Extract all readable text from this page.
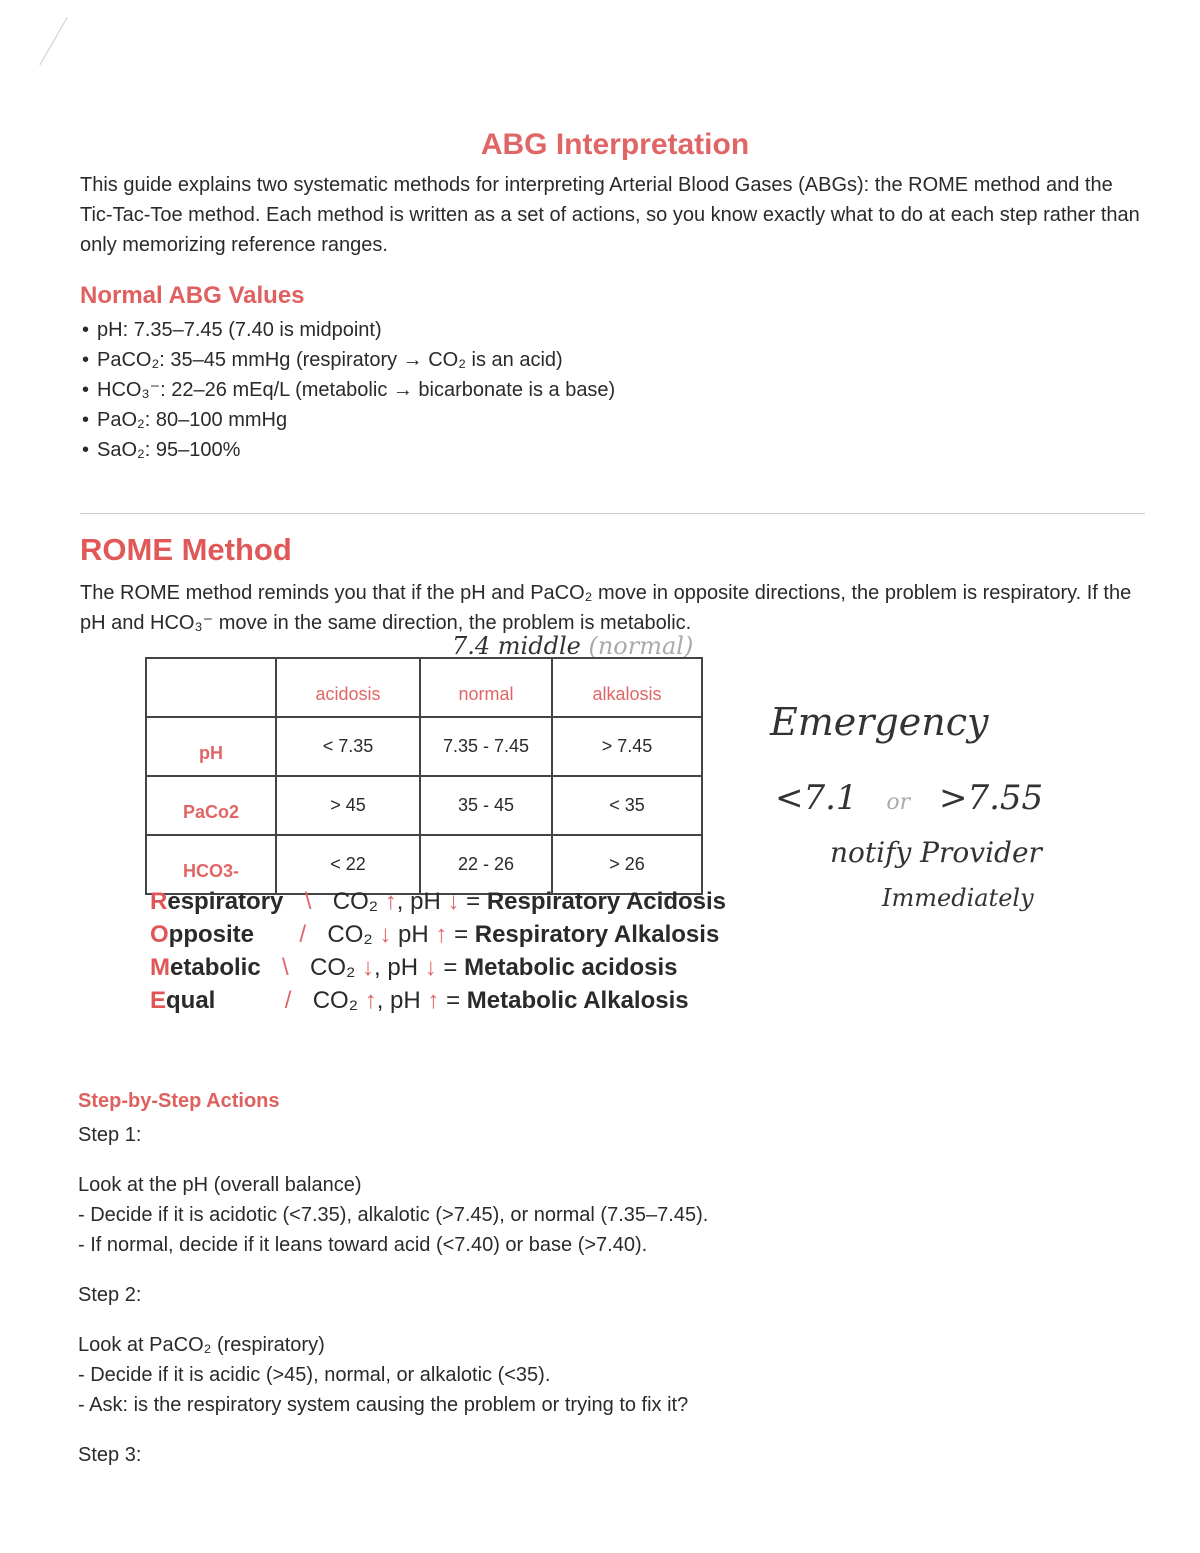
ABG Interpretation
This guide explains two systematic methods for interpreting Arterial Blood Gases (ABGs): the ROME method and the Tic-Tac-Toe method. Each method is written as a set of actions, so you know exactly what to do at each step rather than only memorizing reference ranges.
Normal ABG Values
• pH: 7.35–7.45 (7.40 is midpoint)
• PaCO₂: 35–45 mmHg (respiratory → CO₂ is an acid)
• HCO₃⁻: 22–26 mEq/L (metabolic → bicarbonate is a base)
• PaO₂: 80–100 mmHg
• SaO₂: 95–100%
ROME Method
The ROME method reminds you that if the pH and PaCO₂ move in opposite directions, the problem is respiratory. If the pH and HCO₃⁻ move in the same direction, the problem is metabolic.
7.4 middle (normal)
	acidosis	normal	alkalosis
pH	< 7.35	7.35 - 7.45	> 7.45
PaCo2	> 45	35 - 45	< 35
HCO3-	< 22	22 - 26	> 26
Emergency
<7.1 or >7.55
notify Provider
Immediately
Respiratory \ CO₂ ↑, pH ↓ = Respiratory Acidosis
Opposite / CO₂ ↓ pH ↑ = Respiratory Alkalosis
Metabolic \ CO₂ ↓, pH ↓ = Metabolic acidosis
Equal	/ CO₂ ↑, pH ↑ = Metabolic Alkalosis
Step-by-Step Actions
Step 1:
Look at the pH (overall balance)
- Decide if it is acidotic (<7.35), alkalotic (>7.45), or normal (7.35–7.45).
- If normal, decide if it leans toward acid (<7.40) or base (>7.40).
Step 2:
Look at PaCO₂ (respiratory)
- Decide if it is acidic (>45), normal, or alkalotic (<35).
- Ask: is the respiratory system causing the problem or trying to fix it?
Step 3:
